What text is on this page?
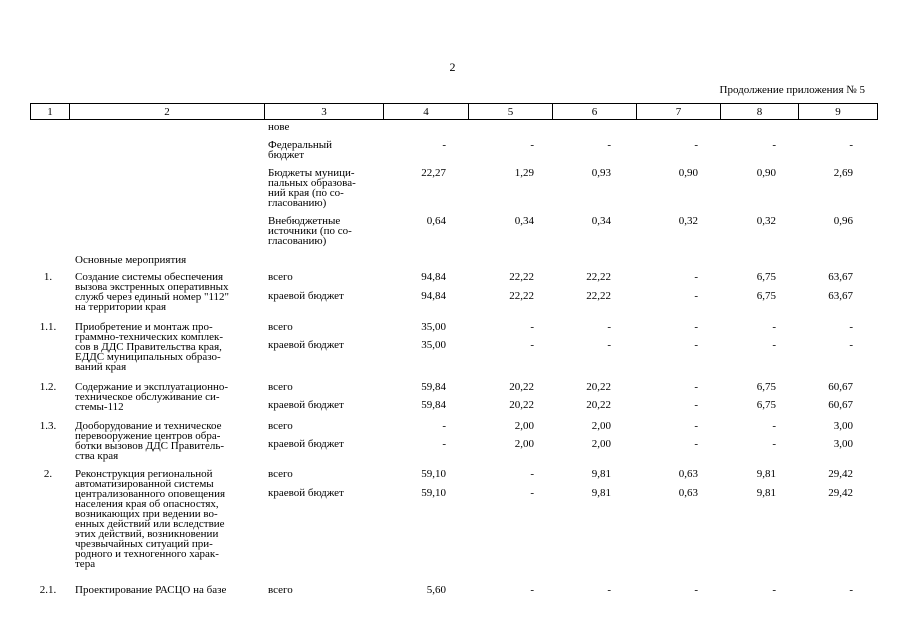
2
Продолжение приложения № 5
1	2	3	4	5	6	7	8	9
нове
Федеральный
бюджет
-	-	-	-	-	-
Бюджеты муници-
пальных образова-
ний края (по со-
гласованию)
22,27	1,29	0,93	0,90	0,90	2,69
Внебюджетные
источники (по со-
гласованию)
0,64	0,34	0,34	0,32	0,32	0,96
Основные мероприятия
1.	Создание системы обеспечения
вызова экстренных оперативных
служб через единый номер "112"
на территории края
всего	94,84	22,22	22,22	-	6,75	63,67
краевой бюджет	94,84	22,22	22,22	-	6,75	63,67
1.1.	Приобретение и монтаж про-
граммно-технических комплек-
сов в ДДС Правительства края,
ЕДДС муниципальных образо-
ваний края
всего	35,00	-	-	-	-	-
краевой бюджет	35,00	-	-	-	-	-
1.2.	Содержание и эксплуатационно-
техническое обслуживание си-
стемы-112
всего	59,84	20,22	20,22	-	6,75	60,67
краевой бюджет	59,84	20,22	20,22	-	6,75	60,67
1.3.	Дооборудование и техническое
перевооружение центров обра-
ботки вызовов ДДС Правитель-
ства края
всего	-	2,00	2,00	-	-	3,00
краевой бюджет	-	2,00	2,00	-	-	3,00
2.	Реконструкция региональной
автоматизированной системы
централизованного оповещения
населения края об опасностях,
возникающих при ведении во-
енных действий или вследствие
этих действий, возникновении
чрезвычайных ситуаций при-
родного и техногенного харак-
тера
всего	59,10	-	9,81	0,63	9,81	29,42
краевой бюджет	59,10	-	9,81	0,63	9,81	29,42
2.1.	Проектирование РАСЦО на базе	всего	5,60	-	-	-	-	-
